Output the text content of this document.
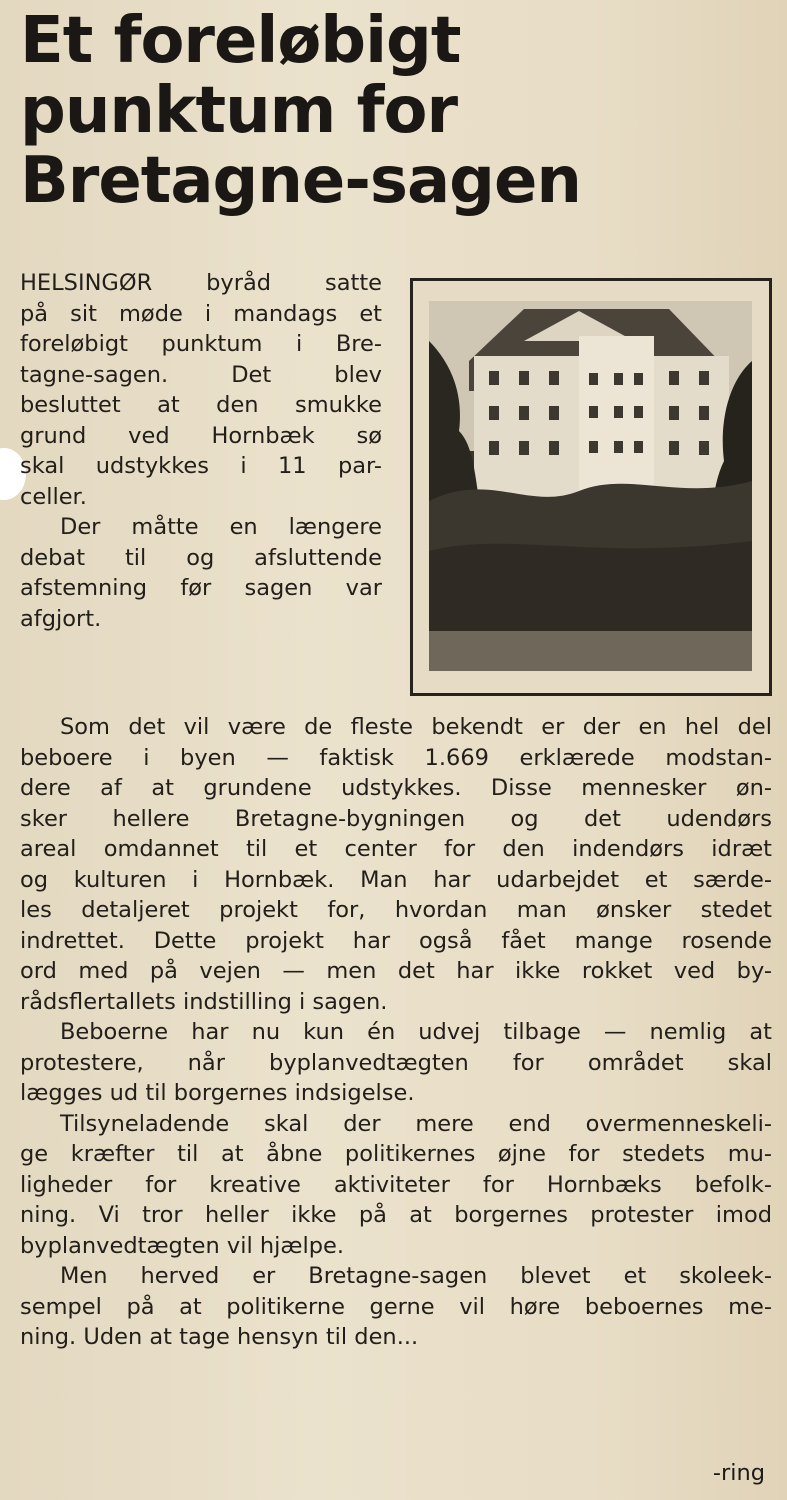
Et foreløbigt
punktum for
Bretagne-sagen
HELSINGØR byråd satte
på sit møde i mandags et
foreløbigt punktum i Bre-
tagne-sagen. Det blev
besluttet at den smukke
grund ved Hornbæk sø
skal udstykkes i 11 par-
celler.
Der måtte en længere
debat til og afsluttende
afstemning før sagen var
afgjort.
Som det vil være de fleste bekendt er der en hel del
beboere i byen — faktisk 1.669 erklærede modstan-
dere af at grundene udstykkes. Disse mennesker øn-
sker hellere Bretagne-bygningen og det udendørs
areal omdannet til et center for den indendørs idræt
og kulturen i Hornbæk. Man har udarbejdet et særde-
les detaljeret projekt for, hvordan man ønsker stedet
indrettet. Dette projekt har også fået mange rosende
ord med på vejen — men det har ikke rokket ved by-
rådsflertallets indstilling i sagen.
Beboerne har nu kun én udvej tilbage — nemlig at
protestere, når byplanvedtægten for området skal
lægges ud til borgernes indsigelse.
Tilsyneladende skal der mere end overmenneskeli-
ge kræfter til at åbne politikernes øjne for stedets mu-
ligheder for kreative aktiviteter for Hornbæks befolk-
ning. Vi tror heller ikke på at borgernes protester imod
byplanvedtægten vil hjælpe.
Men herved er Bretagne-sagen blevet et skoleek-
sempel på at politikerne gerne vil høre beboernes me-
ning. Uden at tage hensyn til den...
-ring
